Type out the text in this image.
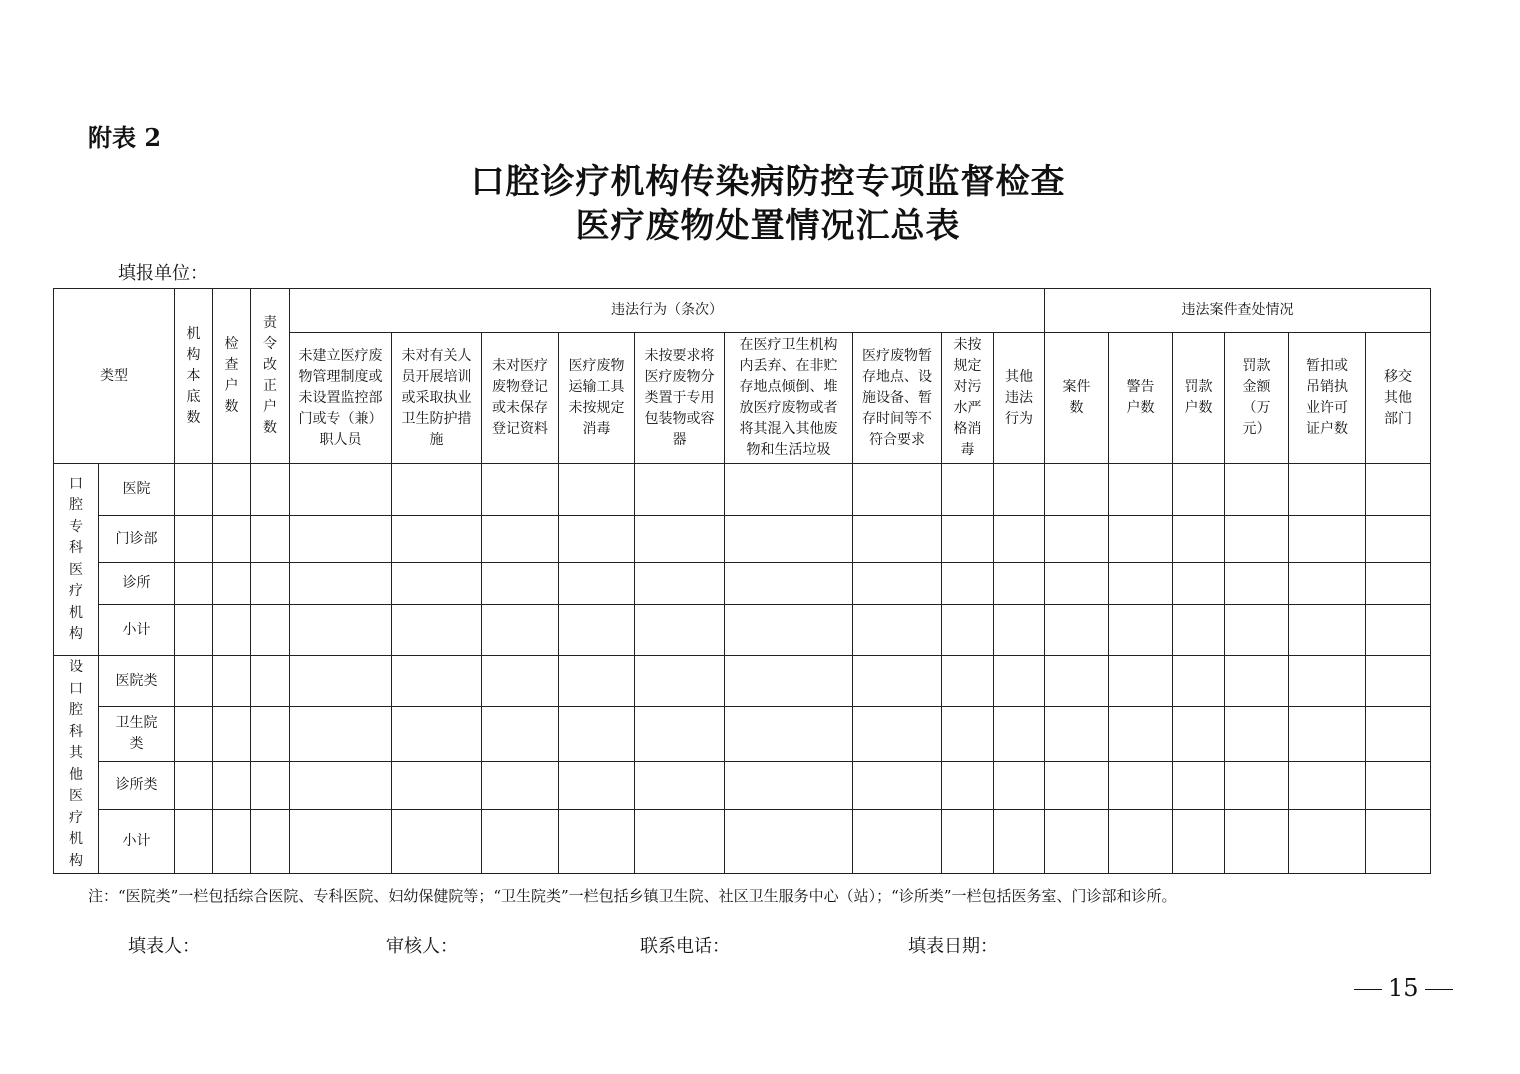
附表 2
口腔诊疗机构传染病防控专项监督检查
医疗废物处置情况汇总表
填报单位：
类型		机构本底数	检查户数	责令改正户数	违法行为（条次）									违法案件查处情况					

					未建立医疗废物管理制度或未设置监控部门或专（兼）职人员	未对有关人员开展培训或采取执业卫生防护措施	未对医疗废物登记或未保存登记资料	医疗废物运输工具未按规定消毒	未按要求将医疗废物分类置于专用包装物或容器	在医疗卫生机构内丢弃、在非贮存地点倾倒、堆放医疗废物或者将其混入其他废物和生活垃圾	医疗废物暂存地点、设施设备、暂存时间等不符合要求	未按规定对污水严格消毒	其他违法行为	案件数	警告户数	罚款户数	罚款金额（万元）	暂扣或吊销执业许可证户数	移交其他部门

口腔专科医疗机构	医院																		
	门诊部																		
	诊所																		
	小计																		

设口腔科其他医疗机构	医院类																		

	卫生院类																		

	诊所类																		
	小计																		
注：“医院类”一栏包括综合医院、专科医院、妇幼保健院等；“卫生院类”一栏包括乡镇卫生院、社区卫生服务中心（站）；“诊所类”一栏包括医务室、门诊部和诊所。
填表人：	审核人：	联系电话：	填表日期：
15
